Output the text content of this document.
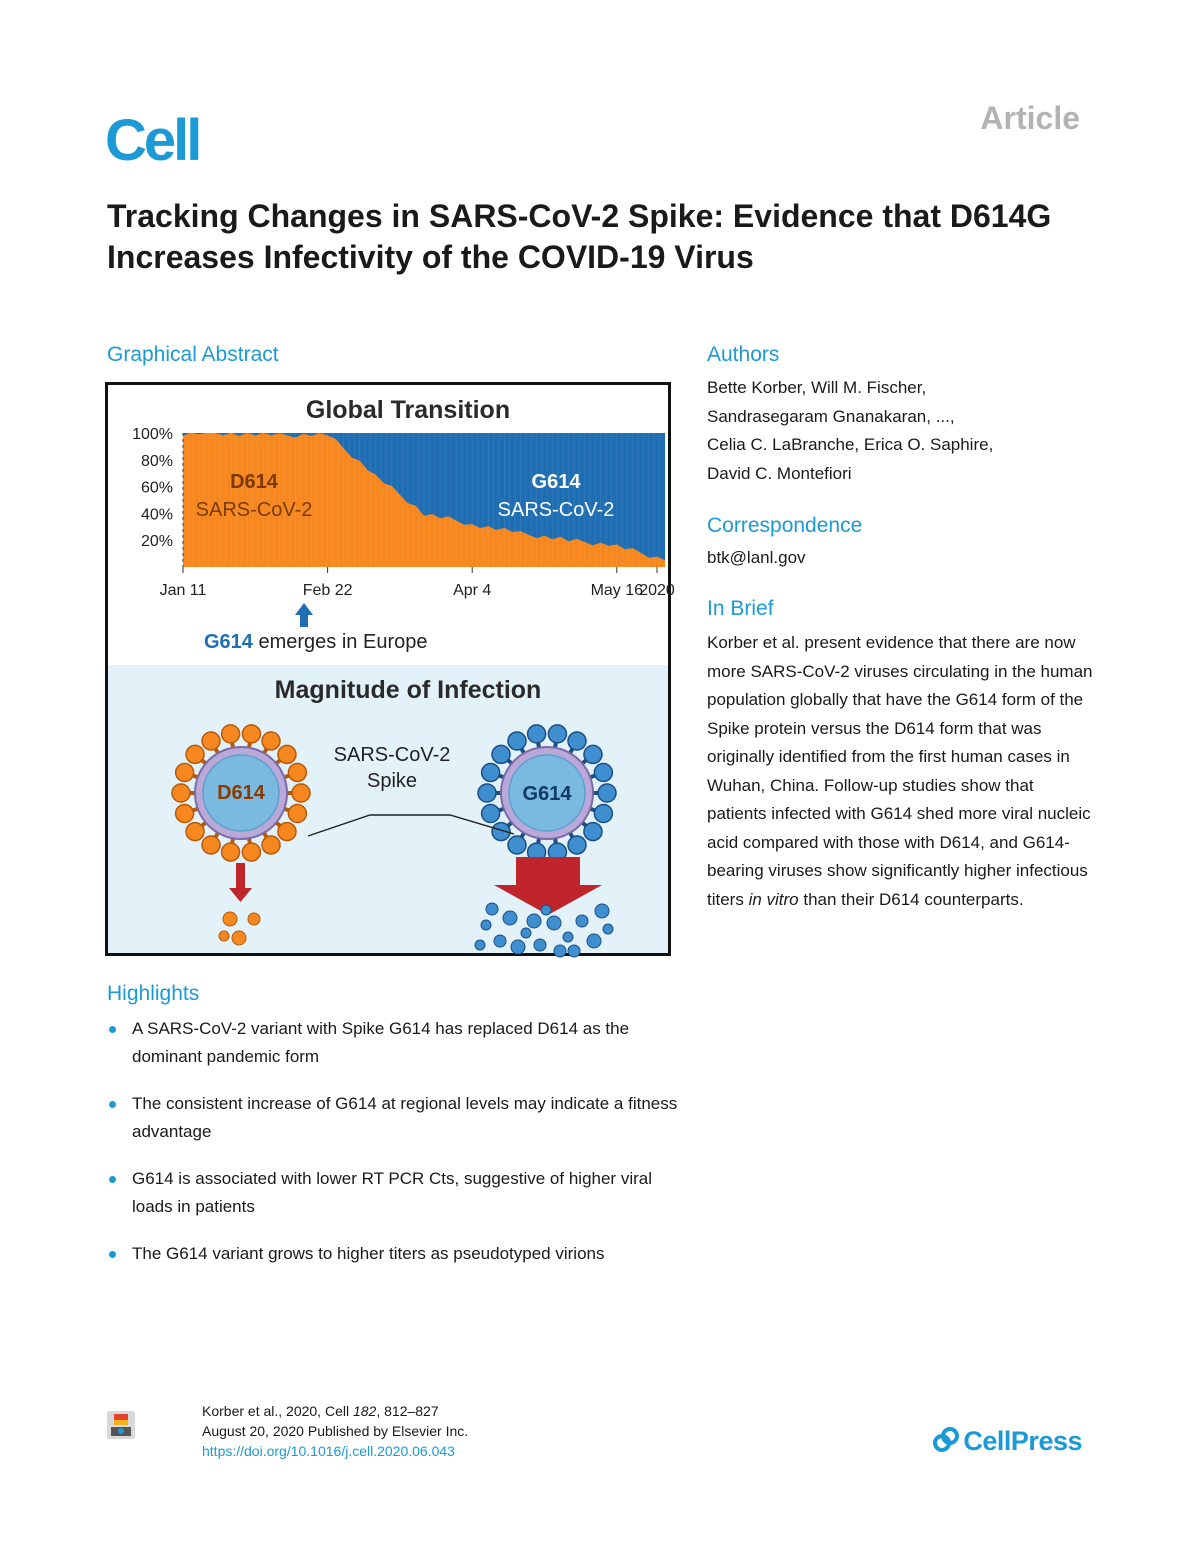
Cell	Article
Tracking Changes in SARS-CoV-2 Spike: Evidence that D614G Increases Infectivity of the COVID-19 Virus
Graphical Abstract
Global Transition
100%
80%
60%
40%
20%
Jan 11	Feb 22	Apr 4	May 16
2020
D614
SARS-CoV-2
G614
SARS-CoV-2
G614 emerges in Europe
Magnitude of Infection
SARS-CoV-2
Spike
D614	G614
Highlights
A SARS-CoV-2 variant with Spike G614 has replaced D614 as the dominant pandemic form
The consistent increase of G614 at regional levels may indicate a fitness advantage
G614 is associated with lower RT PCR Cts, suggestive of higher viral loads in patients
The G614 variant grows to higher titers as pseudotyped virions
Authors
Bette Korber, Will M. Fischer,
Sandrasegaram Gnanakaran, ...,
Celia C. LaBranche, Erica O. Saphire,
David C. Montefiori
Correspondence
btk@lanl.gov
In Brief
Korber et al. present evidence that there are now more SARS-CoV-2 viruses circulating in the human population globally that have the G614 form of the Spike protein versus the D614 form that was originally identified from the first human cases in Wuhan, China. Follow-up studies show that patients infected with G614 shed more viral nucleic acid compared with those with D614, and G614-bearing viruses show significantly higher infectious titers in vitro than their D614 counterparts.
Korber et al., 2020, Cell 182, 812–827
August 20, 2020 Published by Elsevier Inc.
https://doi.org/10.1016/j.cell.2020.06.043	CellPress
